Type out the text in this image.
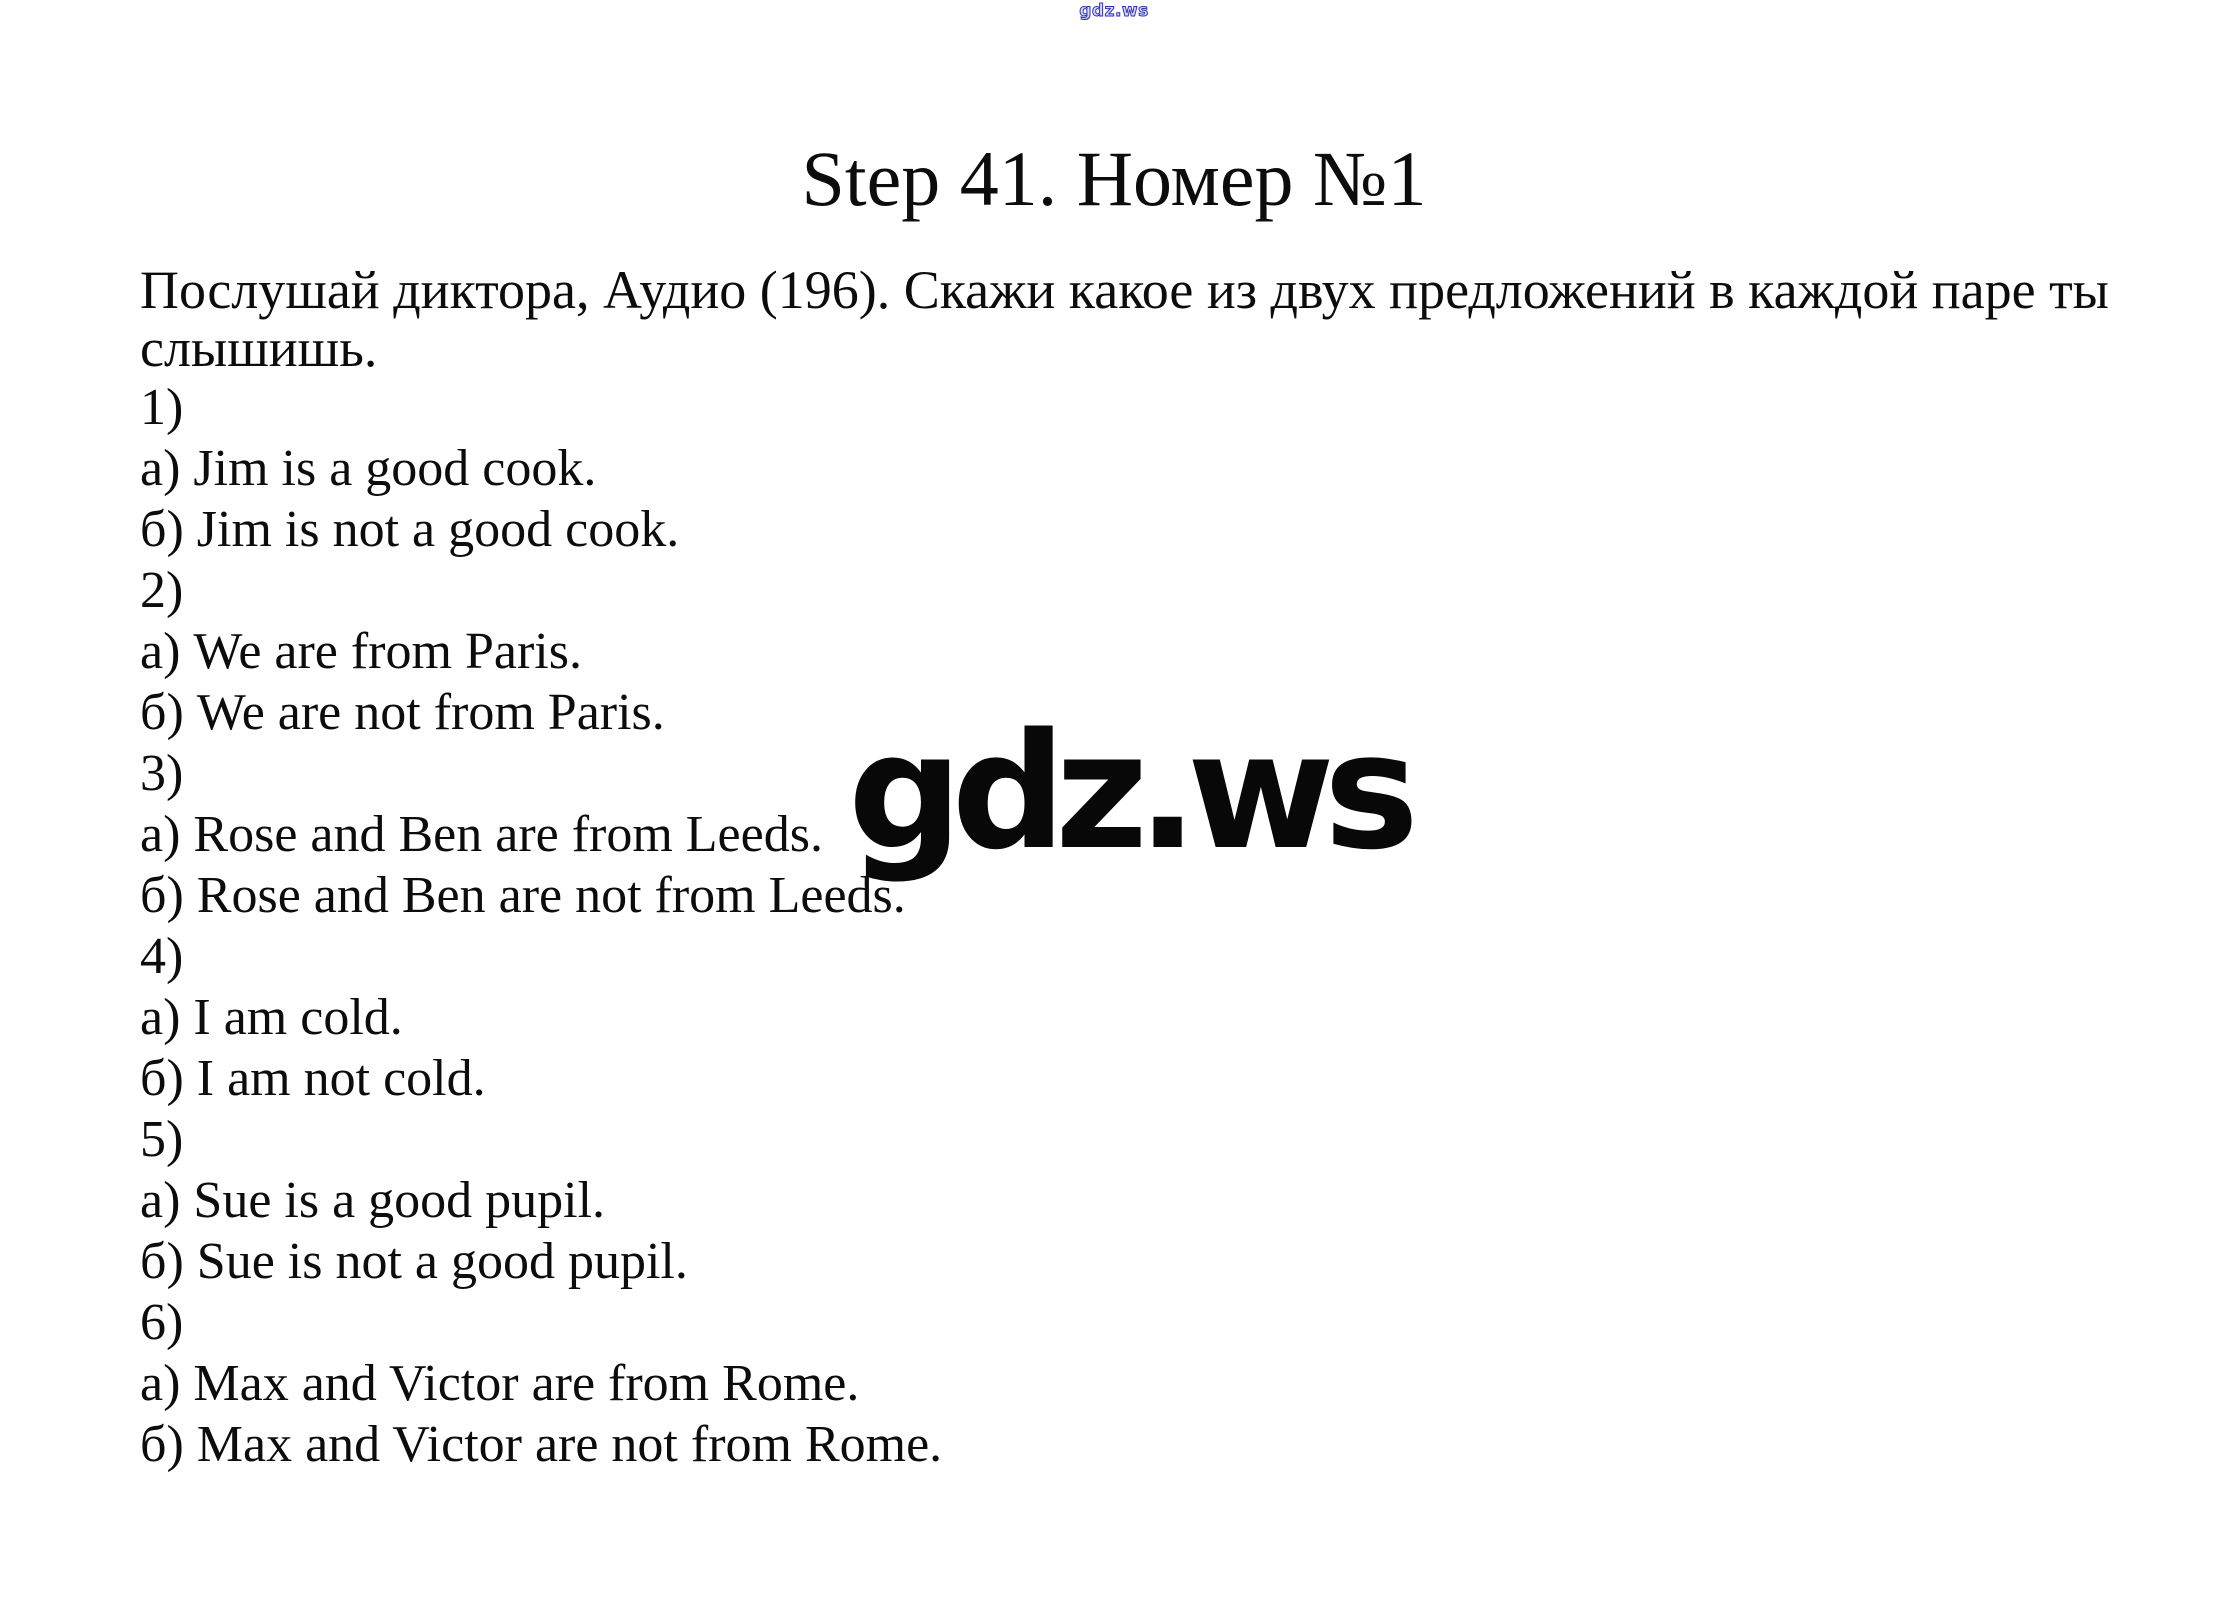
gdz.ws
Step 41. Номер №1
gdz.ws

Послушай диктора, Аудио (196). Скажи какое из двух предложений в каждой паре ты
слышишь.

1)
а) Jim is a good cook.
б) Jim is not a good cook.
2)
а) We are from Paris.
б) We are not from Paris.
3)
а) Rose and Ben are from Leeds.
б) Rose and Ben are not from Leeds.
4)
а) I am cold.
б) I am not cold.
5)
а) Sue is a good pupil.
б) Sue is not a good pupil.
6)
а) Max and Victor are from Rome.
б) Max and Victor are not from Rome.
